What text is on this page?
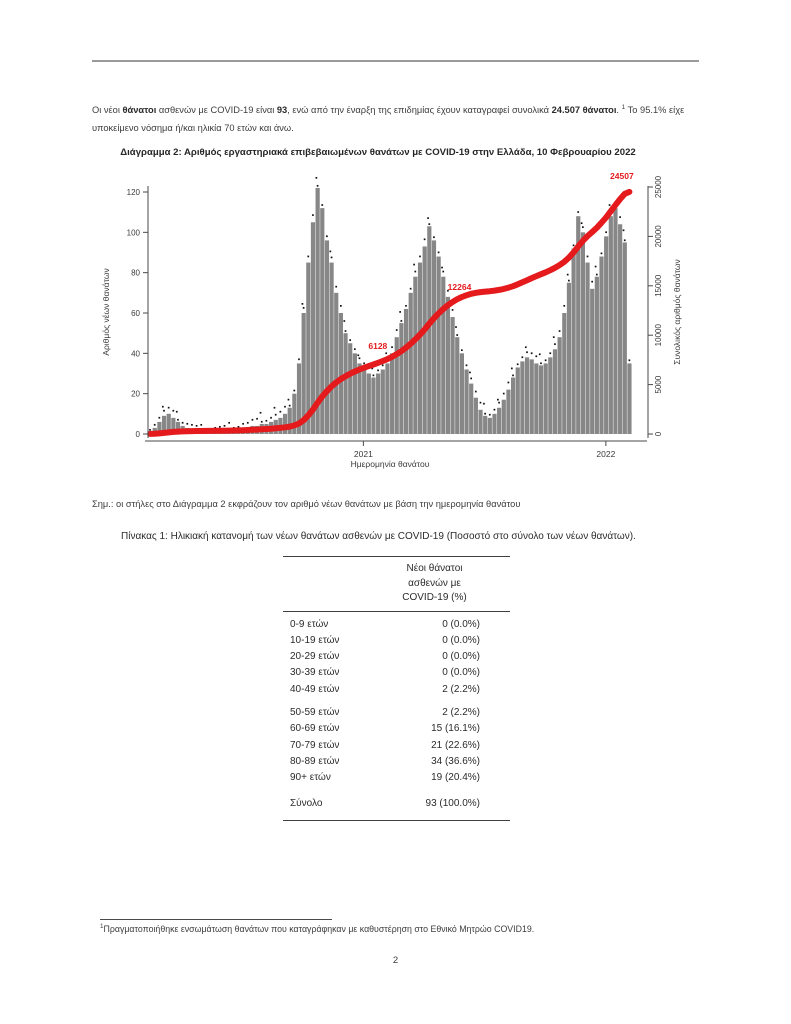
Οι νέοι θάνατοι ασθενών με COVID-19 είναι 93, ενώ από την έναρξη της επιδημίας έχουν καταγραφεί συνολικά 24.507 θάνατοι. $^1$ Το 95.1% είχε υποκείμενο νόσημα ή/και ηλικία 70 ετών και άνω.

Διάγραμμα 2: Αριθμός εργαστηριακά επιβεβαιωμένων θανάτων με COVID-19 στην Ελλάδα, 10 Φεβρουαρίου 2022
6128
12264
24507
0
20
40
60
80
100
120
0
5000
10000
15000
20000
25000
2021	2022
Αριθμός νέων θανάτων	Συνολικός αριθμός θανάτων
Ημερομηνία θανάτου
Σημ.: οι στήλες στο Διάγραμμα 2 εκφράζουν τον αριθμό νέων θανάτων με βάση την ημερομηνία θανάτου
Πίνακας 1: Ηλικιακή κατανομή των νέων θανάτων ασθενών με COVID-19 (Ποσοστό στο σύνολο των νέων θανάτων).
Νέοι θάνατοι
ασθενών με
COVID-19 (%)
0-9 ετών	0 (0.0%)
10-19 ετών	0 (0.0%)
20-29 ετών	0 (0.0%)
30-39 ετών	0 (0.0%)
40-49 ετών	2 (2.2%)
50-59 ετών	2 (2.2%)
60-69 ετών	15 (16.1%)
70-79 ετών	21 (22.6%)
80-89 ετών	34 (36.6%)
90+ ετών	19 (20.4%)
Σύνολο	93 (100.0%)
$^1$Πραγματοποιήθηκε ενσωμάτωση θανάτων που καταγράφηκαν με καθυστέρηση στο Εθνικό Μητρώο COVID19.
2
